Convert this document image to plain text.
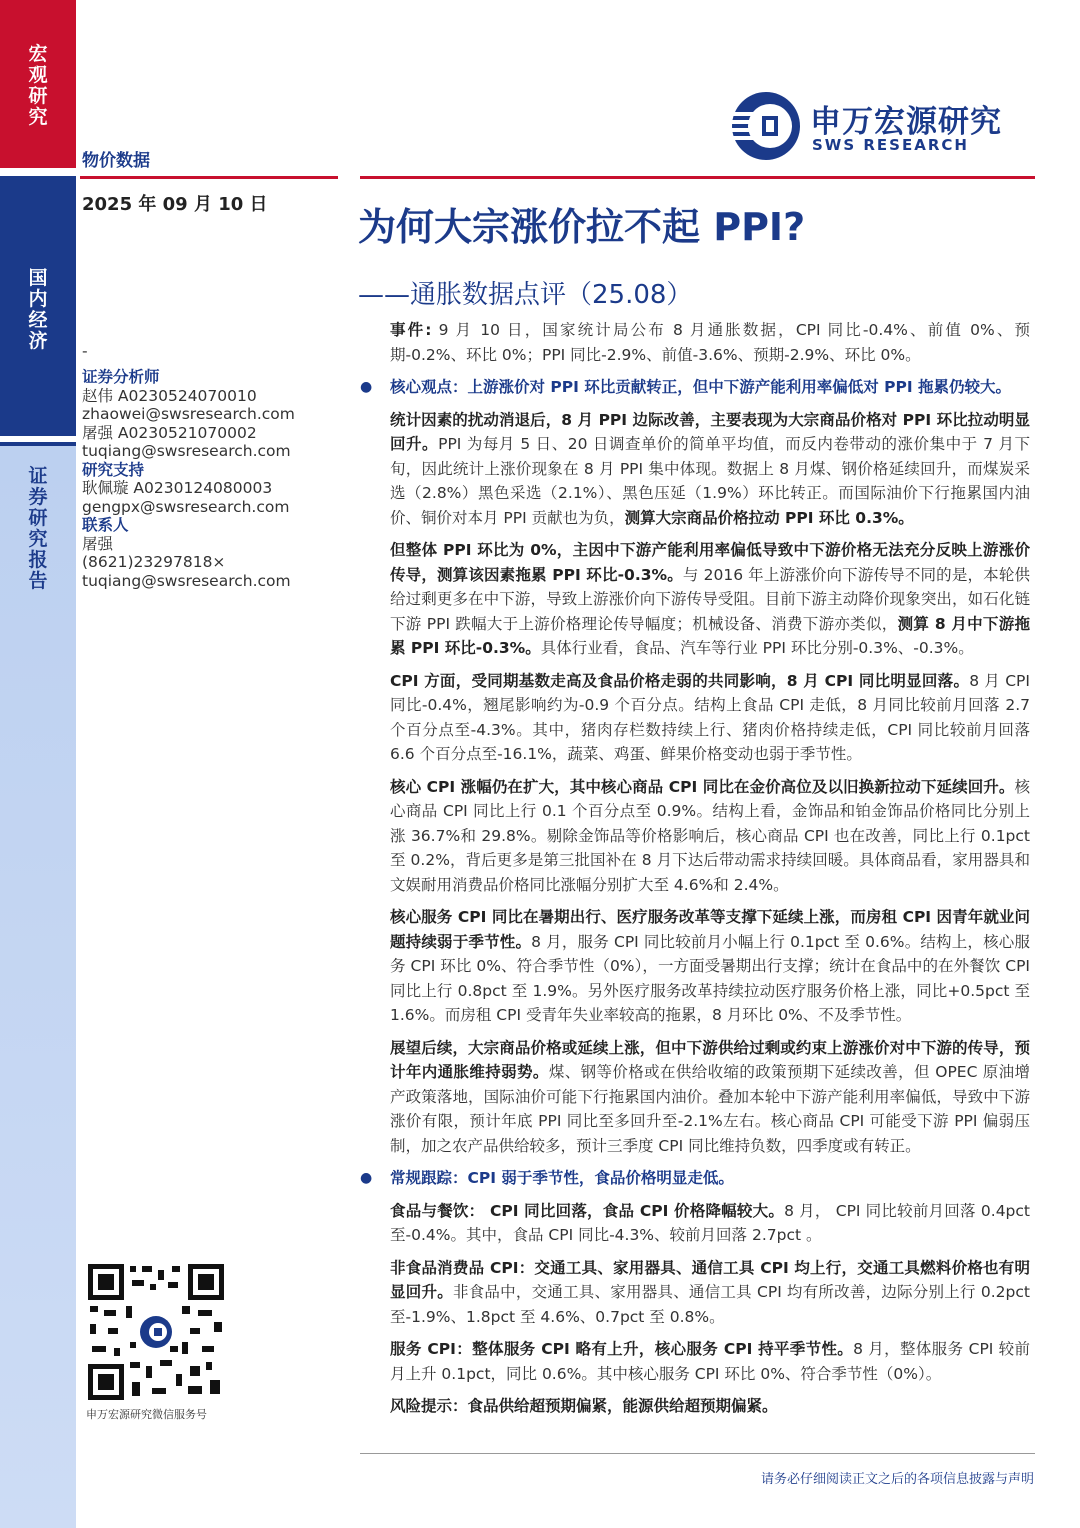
宏观研究
国内经济
证券研究报告
物价数据
2025 年 09 月 10 日
申万宏源研究
SWS RESEARCH
为何大宗涨价拉不起 PPI?
——通胀数据点评（25.08）
-
证券分析师
赵伟 A0230524070010
zhaowei@swsresearch.com
屠强 A0230521070002
tuqiang@swsresearch.com
研究支持
耿佩璇 A0230124080003
gengpx@swsresearch.com
联系人
屠强
(8621)23297818×
tuqiang@swsresearch.com
申万宏源研究微信服务号

事件: 9 月 10 日，国家统计局公布 8 月通胀数据，CPI 同比-0.4%、前值 0%、预期-0.2%、环比 0%；PPI 同比-2.9%、前值-3.6%、预期-2.9%、环比 0%。

● 核心观点：上游涨价对 PPI 环比贡献转正，但中下游产能利用率偏低对 PPI 拖累仍较大。

统计因素的扰动消退后，8 月 PPI 边际改善，主要表现为大宗商品价格对 PPI 环比拉动明显回升。PPI 为每月 5 日、20 日调查单价的简单平均值，而反内卷带动的涨价集中于 7 月下旬，因此统计上涨价现象在 8 月 PPI 集中体现。数据上 8 月煤、钢价格延续回升，而煤炭采选（2.8%）黑色采选（2.1%）、黑色压延（1.9%）环比转正。而国际油价下行拖累国内油价、铜价对本月 PPI 贡献也为负，测算大宗商品价格拉动 PPI 环比 0.3%。

但整体 PPI 环比为 0%，主因中下游产能利用率偏低导致中下游价格无法充分反映上游涨价传导，测算该因素拖累 PPI 环比-0.3%。与 2016 年上游涨价向下游传导不同的是，本轮供给过剩更多在中下游，导致上游涨价向下游传导受阻。目前下游主动降价现象突出，如石化链下游 PPI 跌幅大于上游价格理论传导幅度；机械设备、消费下游亦类似，测算 8 月中下游拖累 PPI 环比-0.3%。具体行业看，食品、汽车等行业 PPI 环比分别-0.3%、-0.3%。

CPI 方面，受同期基数走高及食品价格走弱的共同影响，8 月 CPI 同比明显回落。8 月 CPI 同比-0.4%，翘尾影响约为-0.9 个百分点。结构上食品 CPI 走低，8 月同比较前月回落 2.7 个百分点至-4.3%。其中，猪肉存栏数持续上行、猪肉价格持续走低，CPI 同比较前月回落 6.6 个百分点至-16.1%，蔬菜、鸡蛋、鲜果价格变动也弱于季节性。

核心 CPI 涨幅仍在扩大，其中核心商品 CPI 同比在金价高位及以旧换新拉动下延续回升。核心商品 CPI 同比上行 0.1 个百分点至 0.9%。结构上看，金饰品和铂金饰品价格同比分别上涨 36.7%和 29.8%。剔除金饰品等价格影响后，核心商品 CPI 也在改善，同比上行 0.1pct 至 0.2%，背后更多是第三批国补在 8 月下达后带动需求持续回暖。具体商品看，家用器具和文娱耐用消费品价格同比涨幅分别扩大至 4.6%和 2.4%。

核心服务 CPI 同比在暑期出行、医疗服务改革等支撑下延续上涨，而房租 CPI 因青年就业问题持续弱于季节性。8 月，服务 CPI 同比较前月小幅上行 0.1pct 至 0.6%。结构上，核心服务 CPI 环比 0%、符合季节性（0%），一方面受暑期出行支撑；统计在食品中的在外餐饮 CPI 同比上行 0.8pct 至 1.9%。另外医疗服务改革持续拉动医疗服务价格上涨，同比+0.5pct 至 1.6%。而房租 CPI 受青年失业率较高的拖累，8 月环比 0%、不及季节性。

展望后续，大宗商品价格或延续上涨，但中下游供给过剩或约束上游涨价对中下游的传导，预计年内通胀维持弱势。煤、钢等价格或在供给收缩的政策预期下延续改善，但 OPEC 原油增产政策落地，国际油价可能下行拖累国内油价。叠加本轮中下游产能利用率偏低，导致中下游涨价有限，预计年底 PPI 同比至多回升至-2.1%左右。核心商品 CPI 可能受下游 PPI 偏弱压制，加之农产品供给较多，预计三季度 CPI 同比维持负数，四季度或有转正。

● 常规跟踪：CPI 弱于季节性，食品价格明显走低。

食品与餐饮： CPI 同比回落，食品 CPI 价格降幅较大。8 月， CPI 同比较前月回落 0.4pct 至-0.4%。其中，食品 CPI 同比-4.3%、较前月回落 2.7pct 。

非食品消费品 CPI：交通工具、家用器具、通信工具 CPI 均上行，交通工具燃料价格也有明显回升。非食品中，交通工具、家用器具、通信工具 CPI 均有所改善，边际分别上行 0.2pct 至-1.9%、1.8pct 至 4.6%、0.7pct 至 0.8%。

服务 CPI：整体服务 CPI 略有上升，核心服务 CPI 持平季节性。8 月，整体服务 CPI 较前月上升 0.1pct，同比 0.6%。其中核心服务 CPI 环比 0%、符合季节性（0%）。

风险提示：食品供给超预期偏紧，能源供给超预期偏紧。

请务必仔细阅读正文之后的各项信息披露与声明
